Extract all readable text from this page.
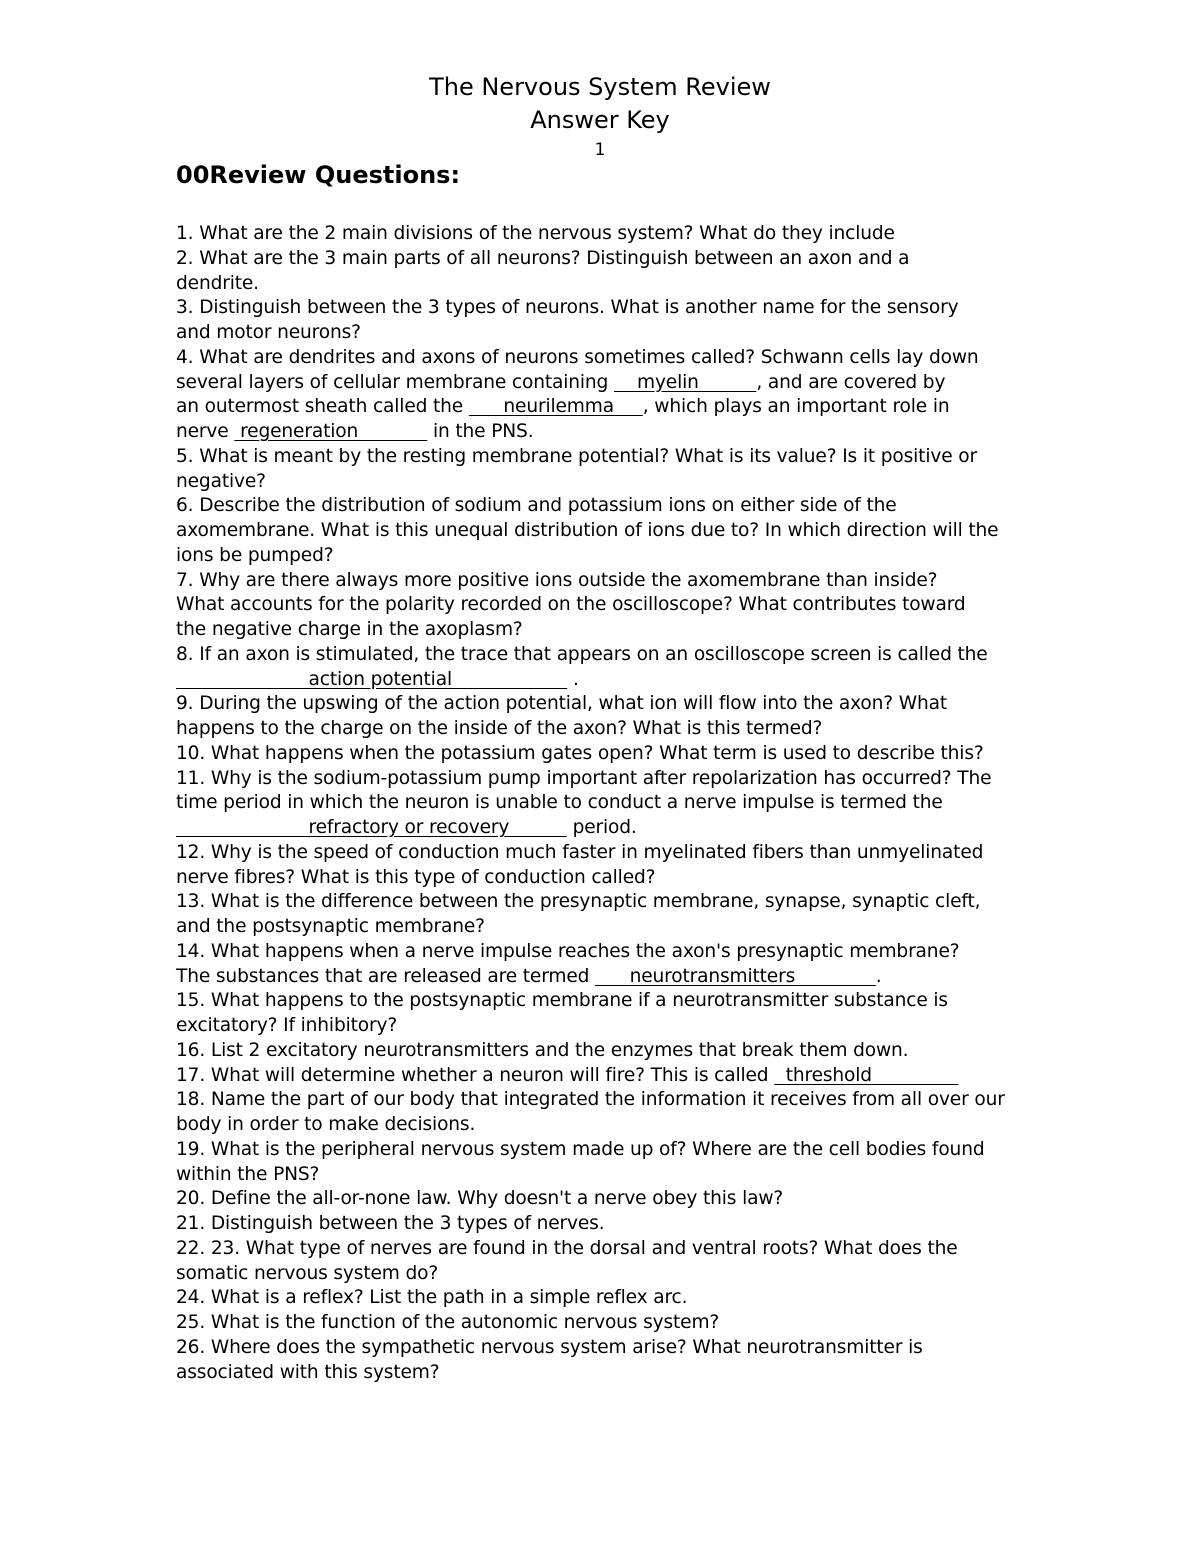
The Nervous System Review
Answer Key
1
00Review Questions:
1. What are the 2 main divisions of the nervous system? What do they include
2. What are the 3 main parts of all neurons? Distinguish between an axon and a
dendrite.
3. Distinguish between the 3 types of neurons. What is another name for the sensory
and motor neurons?
4. What are dendrites and axons of neurons sometimes called? Schwann cells lay down
several layers of cellular membrane containing     myelin	, and are covered by
an outermost sheath called the       neurilemma , which plays an important role in
nerve  regeneration	in the PNS.
5. What is meant by the resting membrane potential? What is its value? Is it positive or
negative?
6. Describe the distribution of sodium and potassium ions on either side of the
axomembrane. What is this unequal distribution of ions due to? In which direction will the
ions be pumped?
7. Why are there always more positive ions outside the axomembrane than inside?
What accounts for the polarity recorded on the oscilloscope? What contributes toward
the negative charge in the axoplasm?
8. If an axon is stimulated, the trace that appears on an oscilloscope screen is called the
action potential	.
9. During the upswing of the action potential, what ion will flow into the axon? What
happens to the charge on the inside of the axon? What is this termed?
10. What happens when the potassium gates open? What term is used to describe this?
11. Why is the sodium-potassium pump important after repolarization has occurred? The
time period in which the neuron is unable to conduct a nerve impulse is termed the
refractory or recovery	period.
12. Why is the speed of conduction much faster in myelinated fibers than unmyelinated
nerve fibres? What is this type of conduction called?
13. What is the difference between the presynaptic membrane, synapse, synaptic cleft,
and the postsynaptic membrane?
14. What happens when a nerve impulse reaches the axon's presynaptic membrane?
The substances that are released are termed       neurotransmitters	.
15. What happens to the postsynaptic membrane if a neurotransmitter substance is
excitatory? If inhibitory?
16. List 2 excitatory neurotransmitters and the enzymes that break them down.
17. What will determine whether a neuron will fire? This is called   threshold
18. Name the part of our body that integrated the information it receives from all over our
body in order to make decisions.
19. What is the peripheral nervous system made up of? Where are the cell bodies found
within the PNS?
20. Define the all-or-none law. Why doesn't a nerve obey this law?
21. Distinguish between the 3 types of nerves.
22. 23. What type of nerves are found in the dorsal and ventral roots? What does the
somatic nervous system do?
24. What is a reflex? List the path in a simple reflex arc.
25. What is the function of the autonomic nervous system?
26. Where does the sympathetic nervous system arise? What neurotransmitter is
associated with this system?
